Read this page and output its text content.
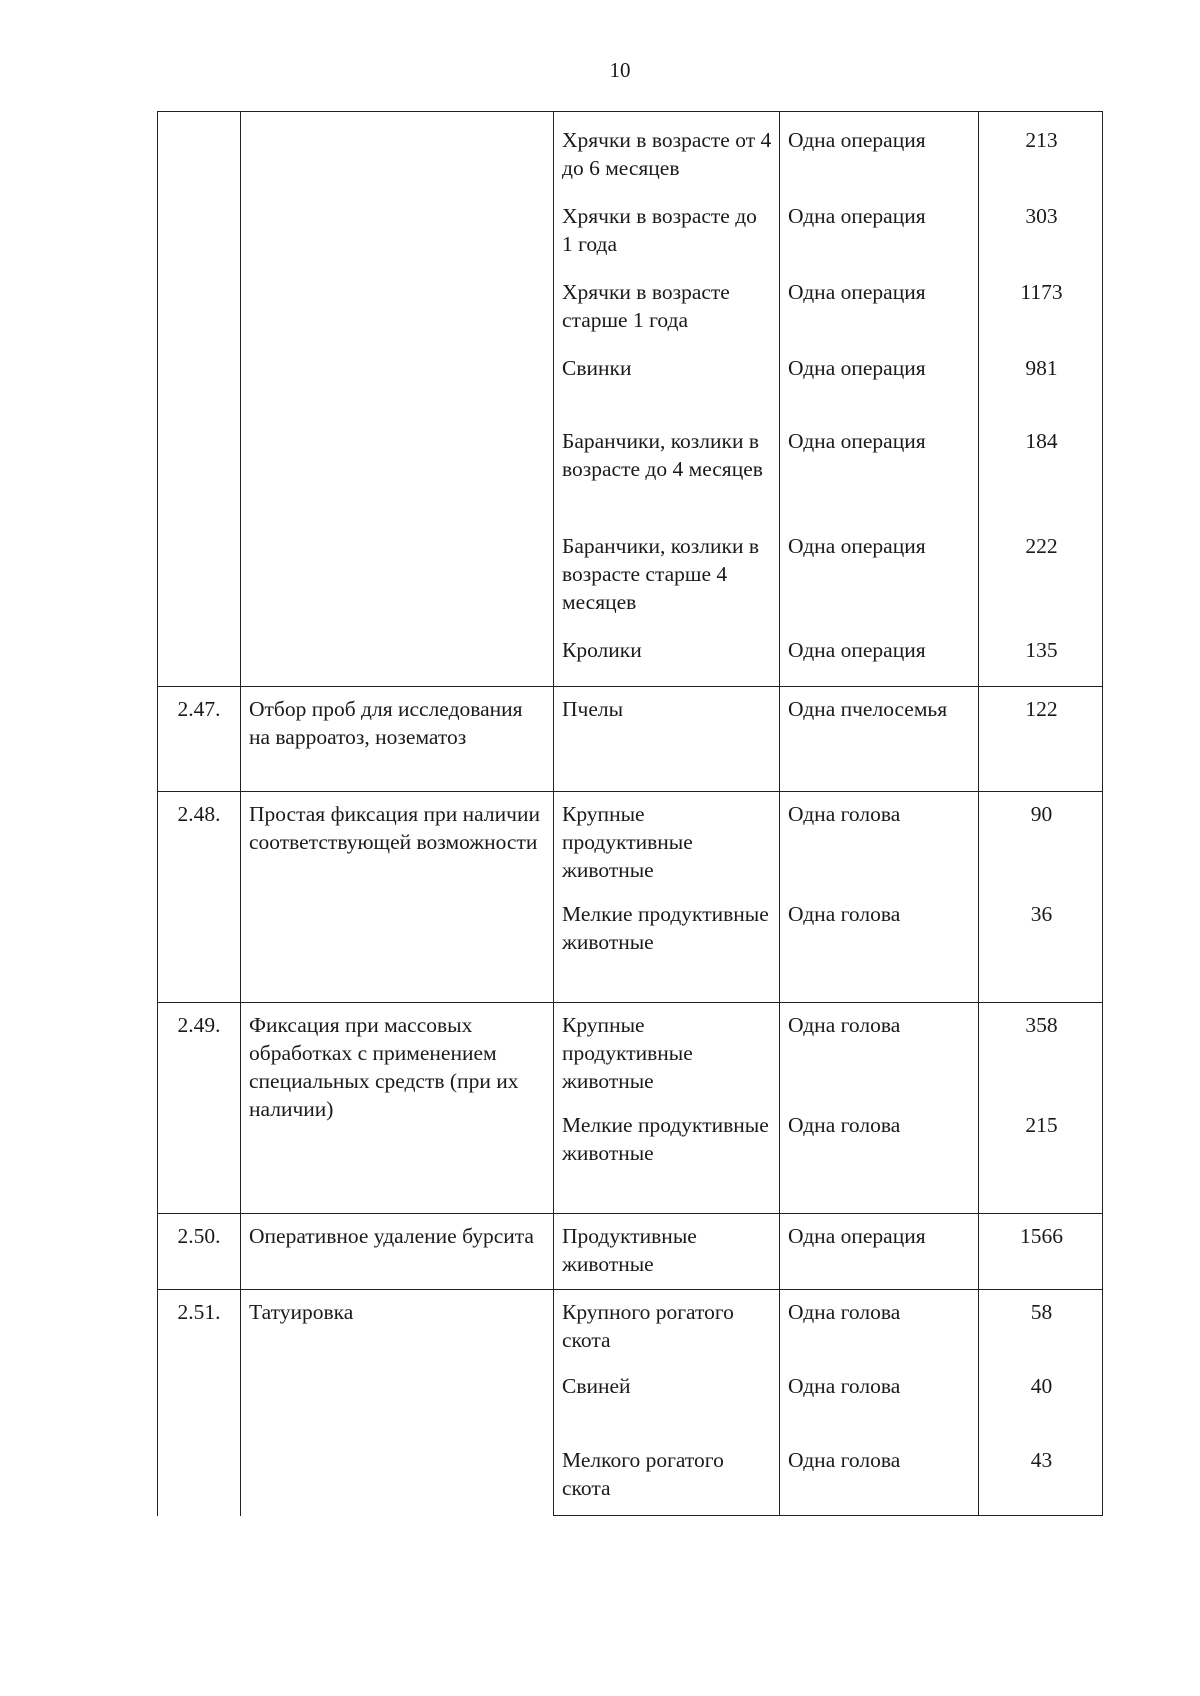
10

		Хрячки в возрасте от 4 до 6 месяцев	Одна операция	213

		Хрячки в возрасте до 1 года	Одна операция	303

		Хрячки в возрасте старше 1 года	Одна операция	1173

		Свинки	Одна операция	981

		Баранчики, козлики в возрасте до 4 месяцев	Одна операция	184

		Баранчики, козлики в возрасте старше 4 месяцев	Одна операция	222

		Кролики	Одна операция	135

2.47.	Отбор проб для исследования на варроатоз, нозематоз	Пчелы	Одна пчелосемья	122

2.48.	Простая фиксация при наличии соответствующей возможности	Крупные продуктивные животные	Одна голова	90

		Мелкие продуктивные животные	Одна голова	36

2.49.	Фиксация при массовых обработках с применением специальных средств (при их наличии)	Крупные продуктивные животные	Одна голова	358

		Мелкие продуктивные животные	Одна голова	215

2.50.	Оперативное удаление бурсита	Продуктивные животные	Одна операция	1566

2.51.	Татуировка	Крупного рогатого скота	Одна голова	58

		Свиней	Одна голова	40

		Мелкого рогатого скота	Одна голова	43
